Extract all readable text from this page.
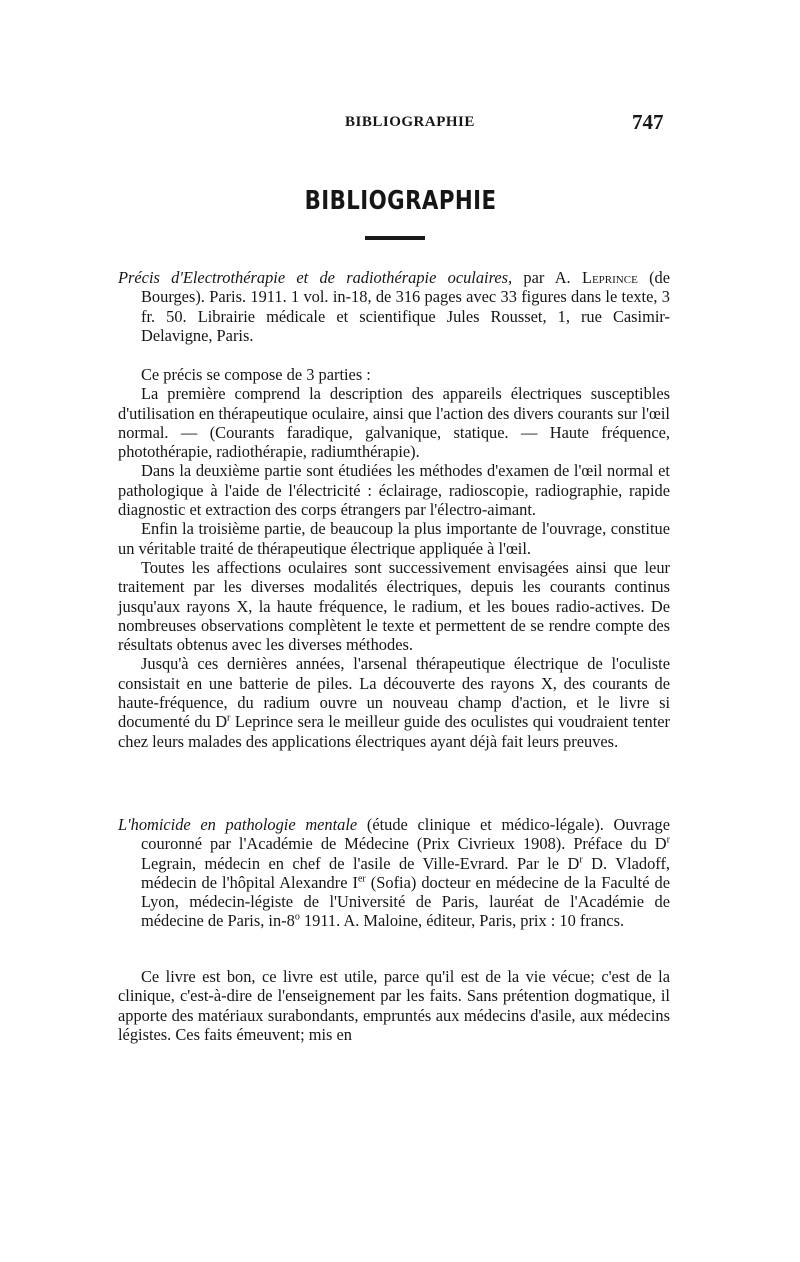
BIBLIOGRAPHIE	747
BIBLIOGRAPHIE

Précis d'Electrothérapie et de radiothérapie oculaires, par A. Leprince (de Bourges). Paris. 1911. 1 vol. in-18, de 316 pages avec 33 figures dans le texte, 3 fr. 50. Librairie médicale et scientifique Jules Rousset, 1, rue Casimir-Delavigne, Paris.

Ce précis se compose de 3 parties :

La première comprend la description des appareils électriques susceptibles d'utilisation en thérapeutique oculaire, ainsi que l'action des divers courants sur l'œil normal. — (Courants faradique, galvanique, statique. — Haute fréquence, photothérapie, radiothérapie, radiumthérapie).

Dans la deuxième partie sont étudiées les méthodes d'examen de l'œil normal et pathologique à l'aide de l'électricité : éclairage, radioscopie, radiographie, rapide diagnostic et extraction des corps étrangers par l'électro-aimant.

Enfin la troisième partie, de beaucoup la plus importante de l'ouvrage, constitue un véritable traité de thérapeutique électrique appliquée à l'œil.

Toutes les affections oculaires sont successivement envisagées ainsi que leur traitement par les diverses modalités électriques, depuis les courants continus jusqu'aux rayons X, la haute fréquence, le radium, et les boues radio-actives. De nombreuses observations complètent le texte et permettent de se rendre compte des résultats obtenus avec les diverses méthodes.

Jusqu'à ces dernières années, l'arsenal thérapeutique électrique de l'oculiste consistait en une batterie de piles. La découverte des rayons X, des courants de haute-fréquence, du radium ouvre un nouveau champ d'action, et le livre si documenté du $D^r$ Leprince sera le meilleur guide des oculistes qui voudraient tenter chez leurs malades des applications électriques ayant déjà fait leurs preuves.

L'homicide en pathologie mentale (étude clinique et médico-légale). Ouvrage couronné par l'Académie de Médecine (Prix Civrieux 1908). Préface du $D^r$ Legrain, médecin en chef de l'asile de Ville-Evrard. Par le $D^r$ D. Vladoff, médecin de l'hôpital Alexandre Ier (Sofia) docteur en médecine de la Faculté de Lyon, médecin-légiste de l'Université de Paris, lauréat de l'Académie de médecine de Paris, in-8$^o$ 1911. A. Maloine, éditeur, Paris, prix : 10 francs.

Ce livre est bon, ce livre est utile, parce qu'il est de la vie vécue; c'est de la clinique, c'est-à-dire de l'enseignement par les faits. Sans prétention dogmatique, il apporte des matériaux surabondants, empruntés aux médecins d'asile, aux médecins légistes. Ces faits émeuvent; mis en
